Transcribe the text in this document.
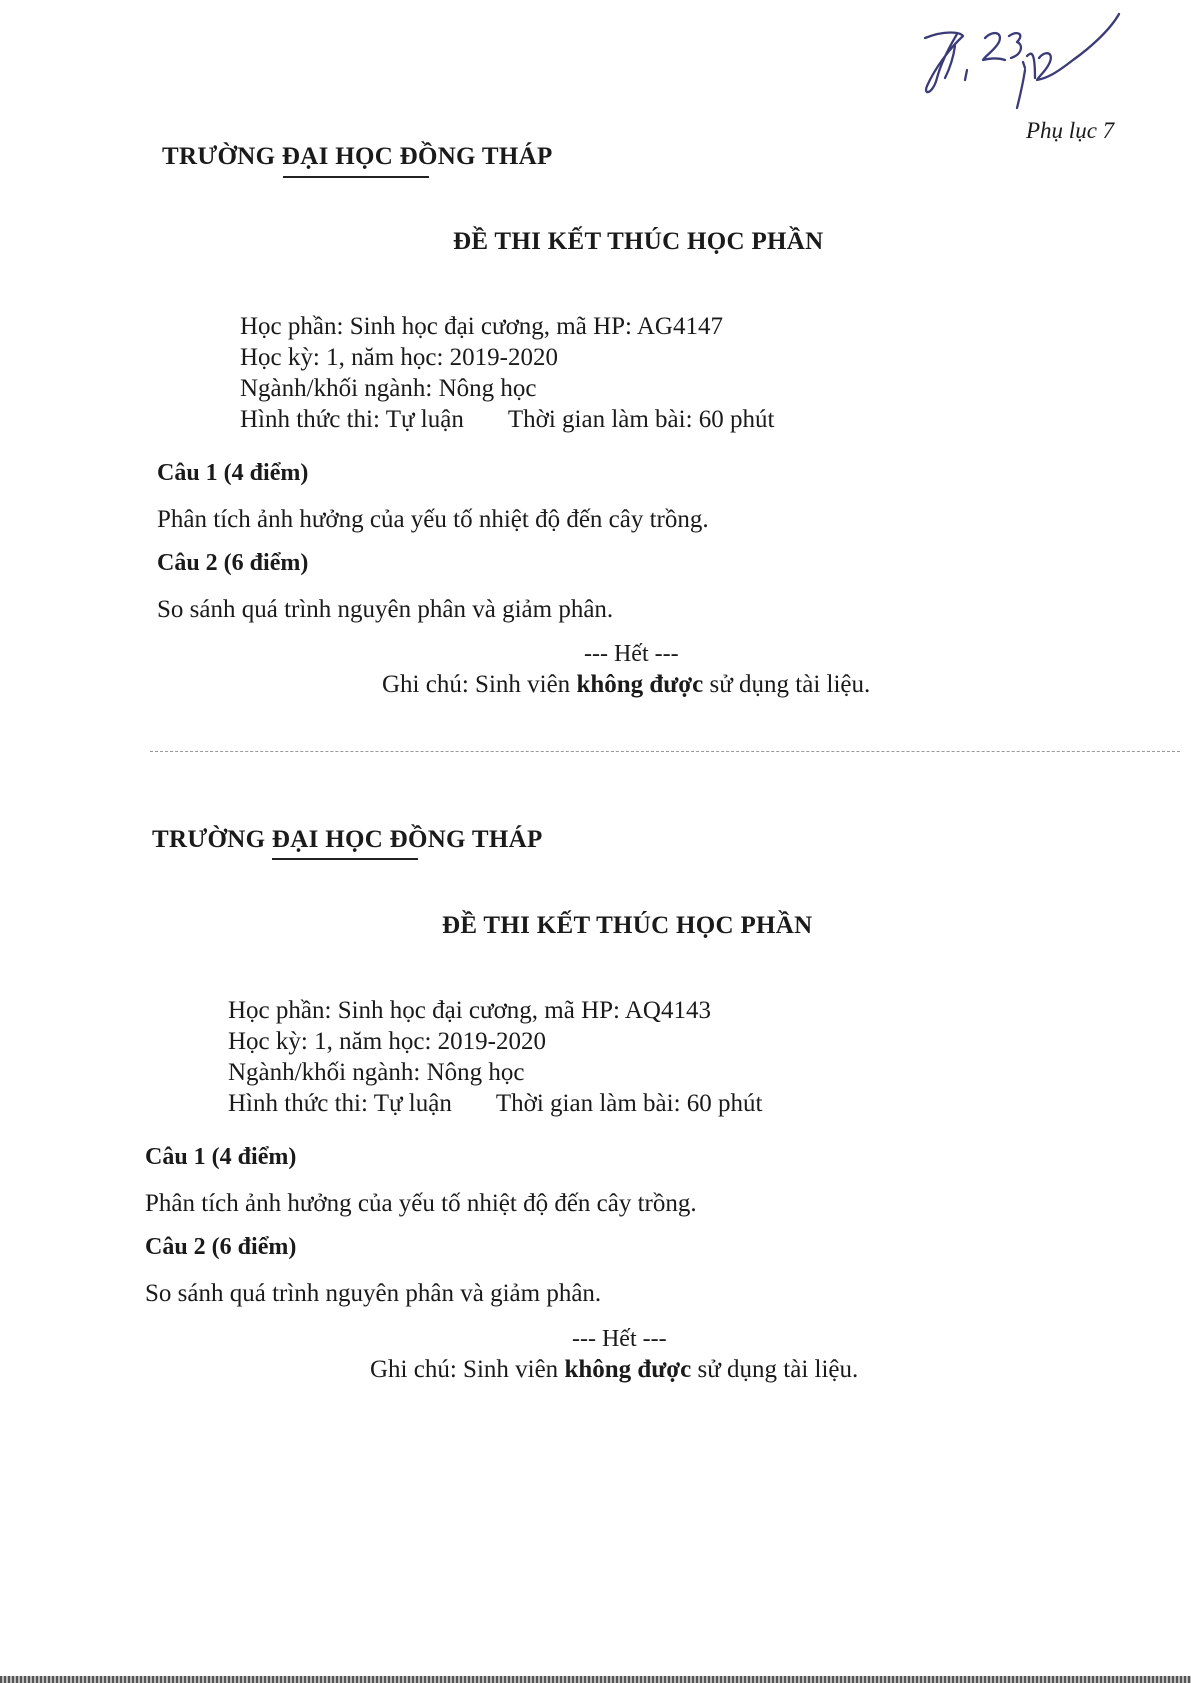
Phụ lục 7
TRƯỜNG ĐẠI HỌC ĐỒNG THÁP
ĐỀ THI KẾT THÚC HỌC PHẦN
Học phần: Sinh học đại cương, mã HP: AG4147
Học kỳ: 1, năm học: 2019-2020
Ngành/khối ngành: Nông học
Hình thức thi: Tự luận Thời gian làm bài: 60 phút
Câu 1 (4 điểm)
Phân tích ảnh hưởng của yếu tố nhiệt độ đến cây trồng.
Câu 2 (6 điểm)
So sánh quá trình nguyên phân và giảm phân.
--- Hết ---
Ghi chú: Sinh viên không được sử dụng tài liệu.
TRƯỜNG ĐẠI HỌC ĐỒNG THÁP
ĐỀ THI KẾT THÚC HỌC PHẦN
Học phần: Sinh học đại cương, mã HP: AQ4143
Học kỳ: 1, năm học: 2019-2020
Ngành/khối ngành: Nông học
Hình thức thi: Tự luận Thời gian làm bài: 60 phút
Câu 1 (4 điểm)
Phân tích ảnh hưởng của yếu tố nhiệt độ đến cây trồng.
Câu 2 (6 điểm)
So sánh quá trình nguyên phân và giảm phân.
--- Hết ---
Ghi chú: Sinh viên không được sử dụng tài liệu.
